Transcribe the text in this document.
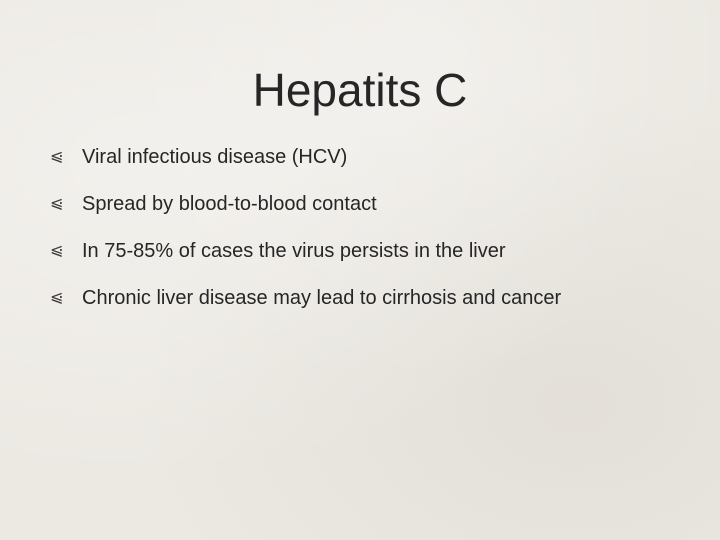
Hepatits C
⩿ Viral infectious disease (HCV)
⩿ Spread by blood-to-blood contact
⩿ In 75-85% of cases the virus persists in the liver
⩿ Chronic liver disease may lead to cirrhosis and cancer
